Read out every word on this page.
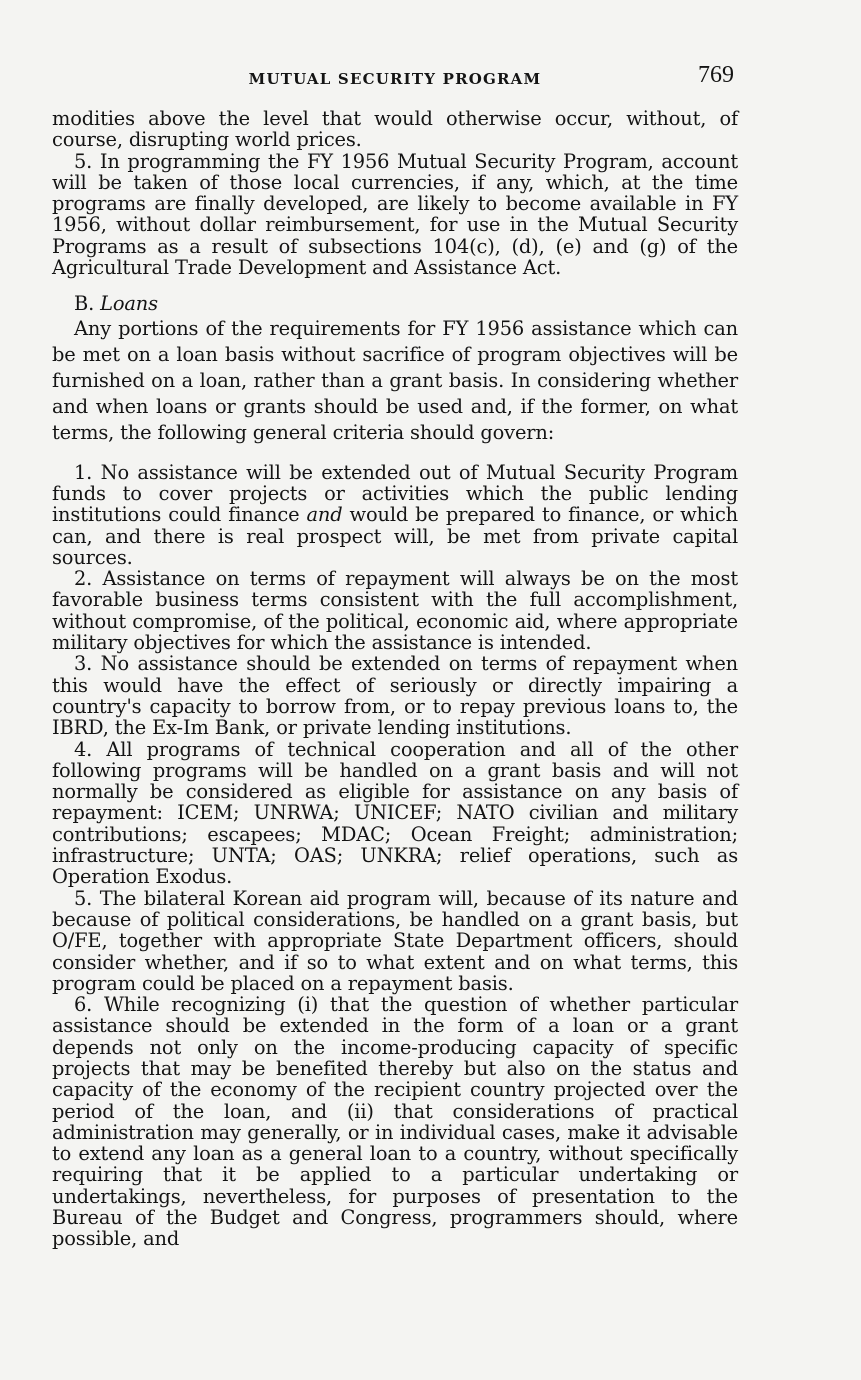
MUTUAL SECURITY PROGRAM	769

modities above the level that would otherwise occur, without, of course, disrupting world prices.

5. In programming the FY 1956 Mutual Security Program, account will be taken of those local currencies, if any, which, at the time programs are finally developed, are likely to become available in FY 1956, without dollar reimbursement, for use in the Mutual Security Programs as a result of subsections 104(c), (d), (e) and (g) of the Agricultural Trade Development and Assistance Act.

B. Loans

Any portions of the requirements for FY 1956 assistance which can be met on a loan basis without sacrifice of program objectives will be furnished on a loan, rather than a grant basis. In considering whether and when loans or grants should be used and, if the former, on what terms, the following general criteria should govern:

1. No assistance will be extended out of Mutual Security Program funds to cover projects or activities which the public lending institutions could finance and would be prepared to finance, or which can, and there is real prospect will, be met from private capital sources.

2. Assistance on terms of repayment will always be on the most favorable business terms consistent with the full accomplishment, without compromise, of the political, economic aid, where appropriate military objectives for which the assistance is intended.

3. No assistance should be extended on terms of repayment when this would have the effect of seriously or directly impairing a country's capacity to borrow from, or to repay previous loans to, the IBRD, the Ex-Im Bank, or private lending institutions.

4. All programs of technical cooperation and all of the other following programs will be handled on a grant basis and will not normally be considered as eligible for assistance on any basis of repayment: ICEM; UNRWA; UNICEF; NATO civilian and military contributions; escapees; MDAC; Ocean Freight; administration; infrastructure; UNTA; OAS; UNKRA; relief operations, such as Operation Exodus.

5. The bilateral Korean aid program will, because of its nature and because of political considerations, be handled on a grant basis, but O/FE, together with appropriate State Department officers, should consider whether, and if so to what extent and on what terms, this program could be placed on a repayment basis.

6. While recognizing (i) that the question of whether particular assistance should be extended in the form of a loan or a grant depends not only on the income-producing capacity of specific projects that may be benefited thereby but also on the status and capacity of the economy of the recipient country projected over the period of the loan, and (ii) that considerations of practical administration may generally, or in individual cases, make it advisable to extend any loan as a general loan to a country, without specifically requiring that it be applied to a particular undertaking or undertakings, nevertheless, for purposes of presentation to the Bureau of the Budget and Congress, programmers should, where possible, and
